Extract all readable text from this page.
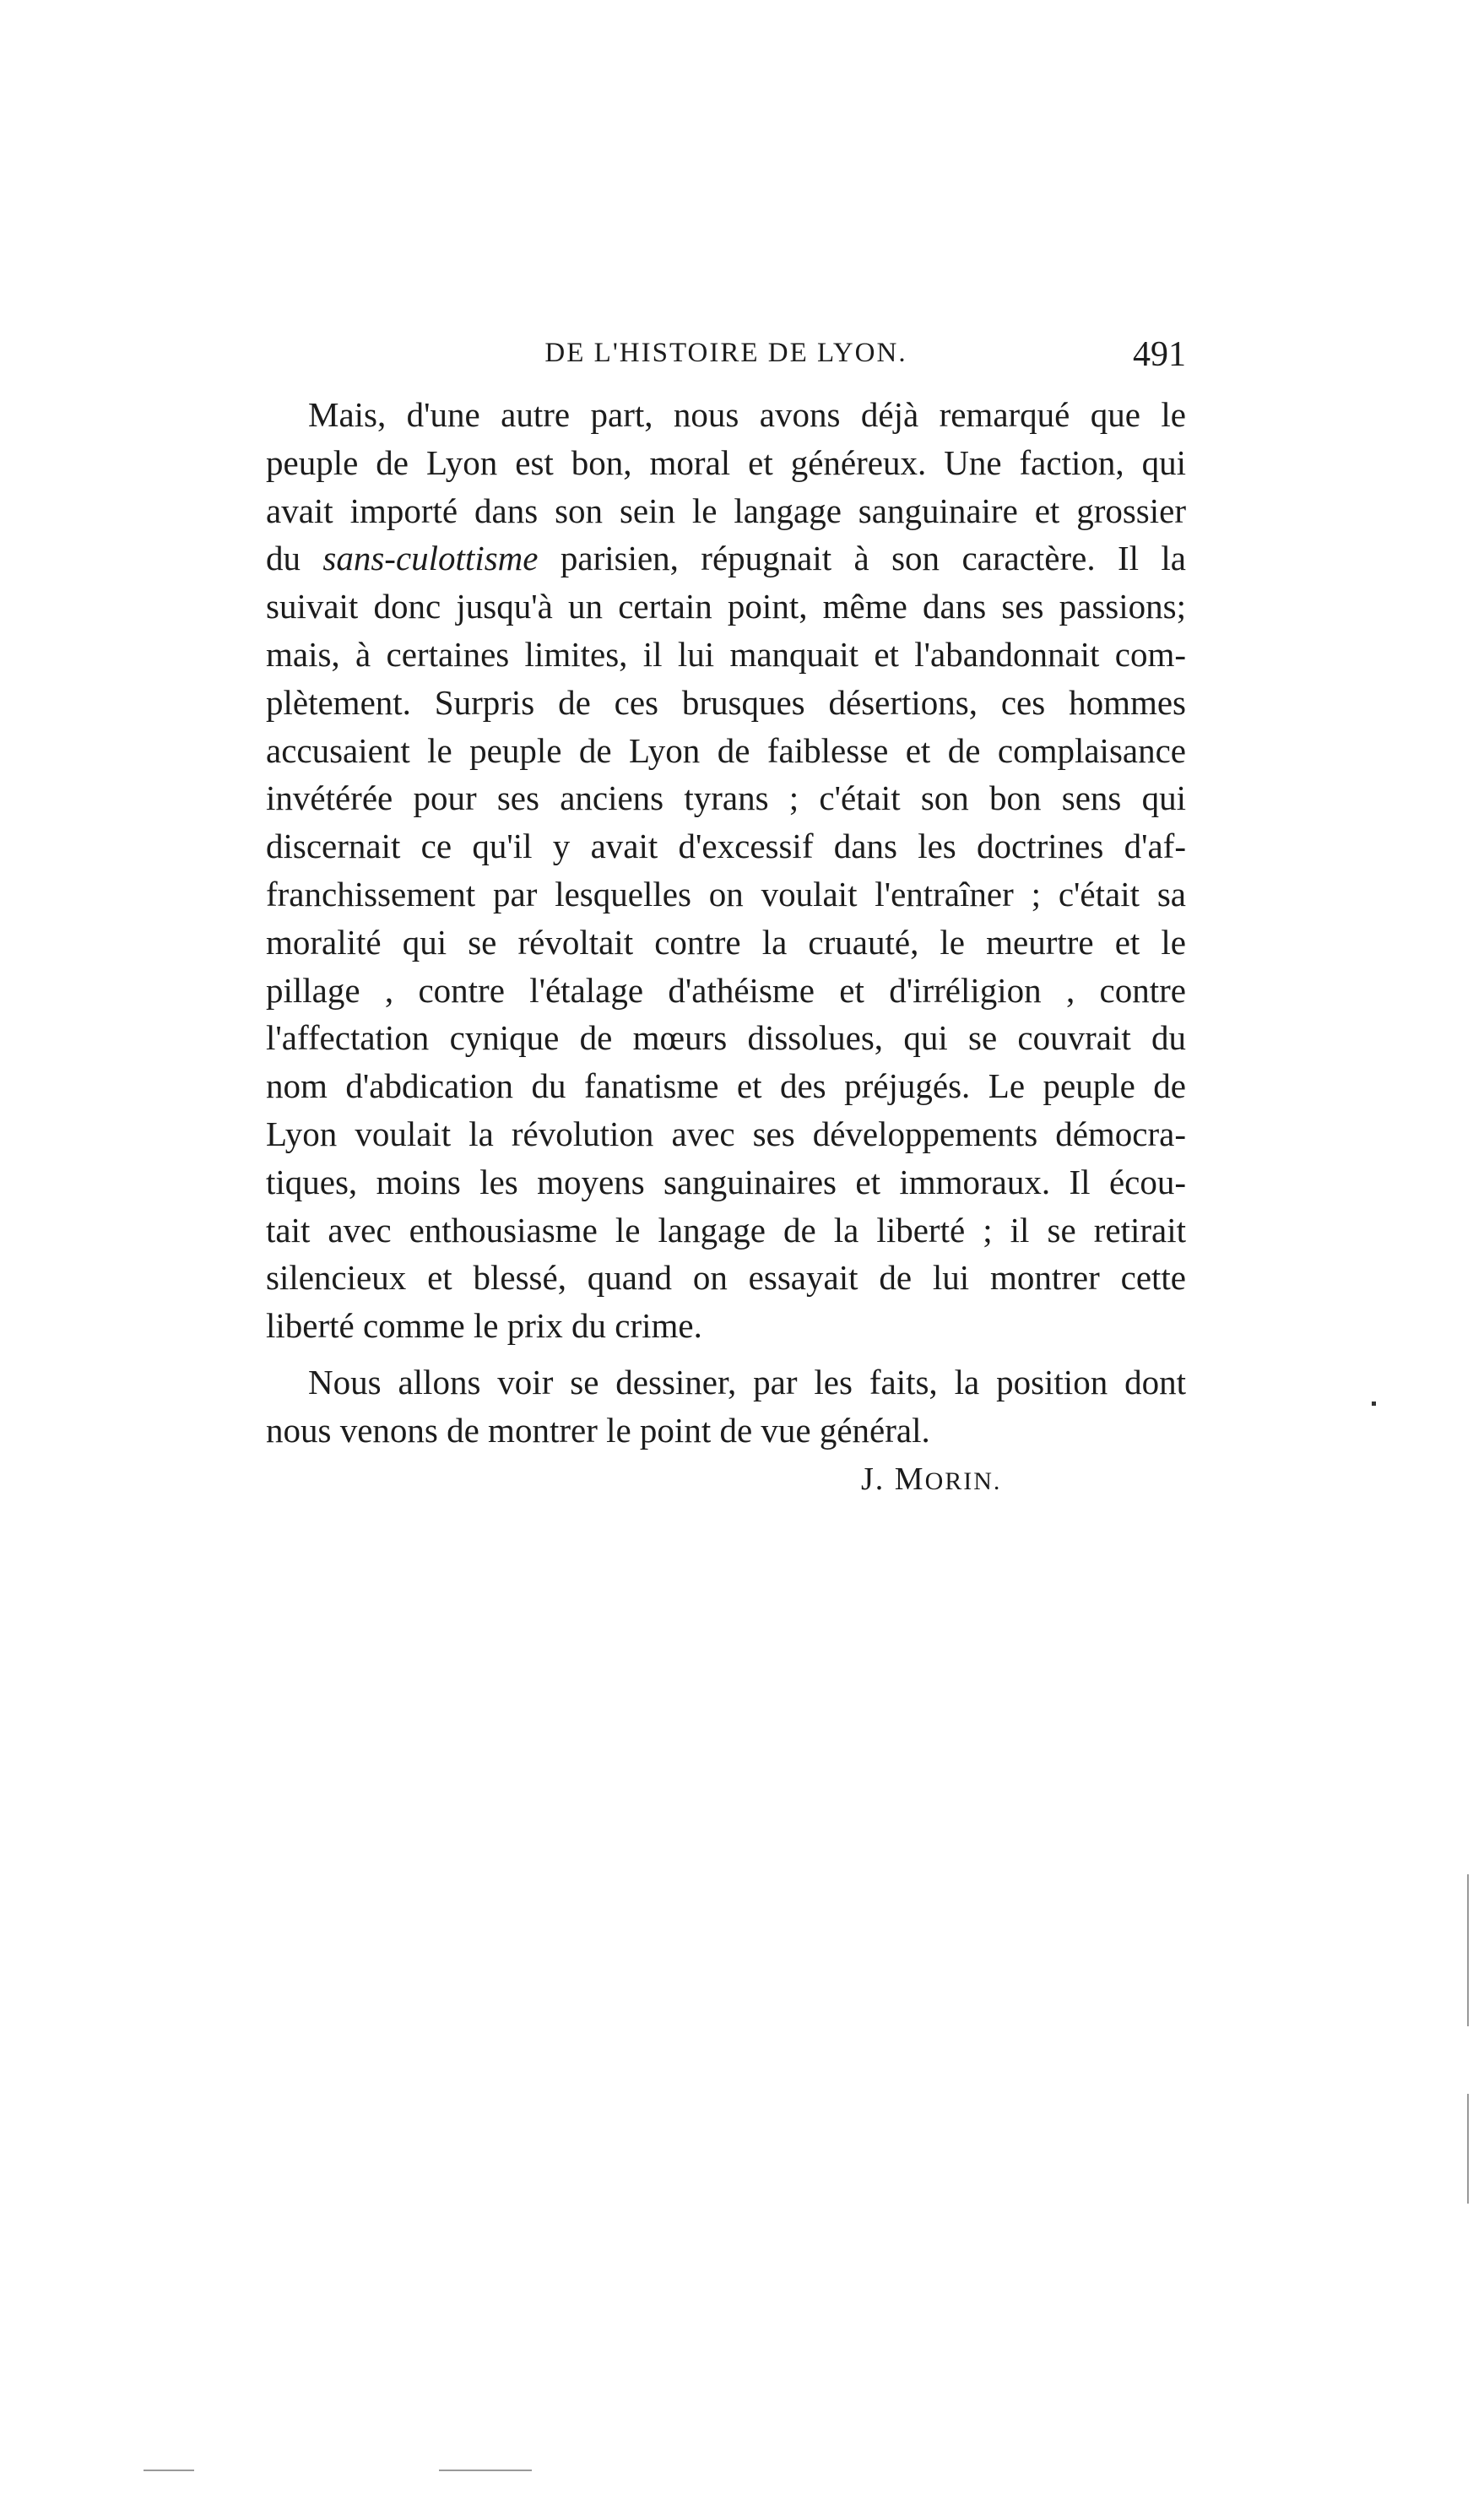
DE L'HISTOIRE DE LYON.	491
Mais, d'une autre part, nous avons déjà remarqué que le
peuple de Lyon est bon, moral et généreux. Une faction, qui
avait importé dans son sein le langage sanguinaire et grossier
du sans-culottisme parisien, répugnait à son caractère. Il la
suivait donc jusqu'à un certain point, même dans ses passions;
mais, à certaines limites, il lui manquait et l'abandonnait com-
plètement. Surpris de ces brusques désertions, ces hommes
accusaient le peuple de Lyon de faiblesse et de complaisance
invétérée pour ses anciens tyrans ; c'était son bon sens qui
discernait ce qu'il y avait d'excessif dans les doctrines d'af-
franchissement par lesquelles on voulait l'entraîner ; c'était sa
moralité qui se révoltait contre la cruauté, le meurtre et le
pillage , contre l'étalage d'athéisme et d'irréligion , contre
l'affectation cynique de mœurs dissolues, qui se couvrait du
nom d'abdication du fanatisme et des préjugés. Le peuple de
Lyon voulait la révolution avec ses développements démocra-
tiques, moins les moyens sanguinaires et immoraux. Il écou-
tait avec enthousiasme le langage de la liberté ; il se retirait
silencieux et blessé, quand on essayait de lui montrer cette
liberté comme le prix du crime.
Nous allons voir se dessiner, par les faits, la position dont
nous venons de montrer le point de vue général.
J. MORIN.
